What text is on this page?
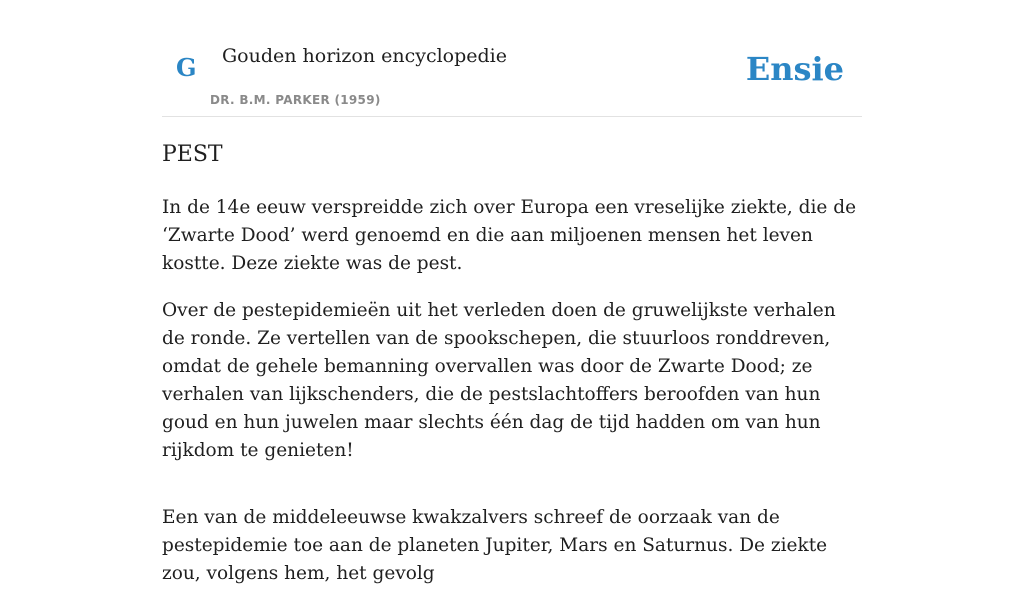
G Gouden horizon encyclopedie
DR. B.M. PARKER (1959)
Ensie
PEST

In de 14e eeuw verspreidde zich over Europa een vreselijke ziekte, die de ‘Zwarte Dood’ werd genoemd en die aan miljoenen mensen het leven kostte. Deze ziekte was de pest.

Over de pestepidemieën uit het verleden doen de gruwelijkste verhalen de ronde. Ze vertellen van de spookschepen, die stuurloos ronddreven, omdat de gehele bemanning overvallen was door de Zwarte Dood; ze verhalen van lijkschenders, die de pestslachtoffers beroofden van hun goud en hun juwelen maar slechts één dag de tijd hadden om van hun rijkdom te genieten!

Een van de middeleeuwse kwakzalvers schreef de oorzaak van de pestepidemie toe aan de planeten Jupiter, Mars en Saturnus. De ziekte zou, volgens hem, het gevolg
